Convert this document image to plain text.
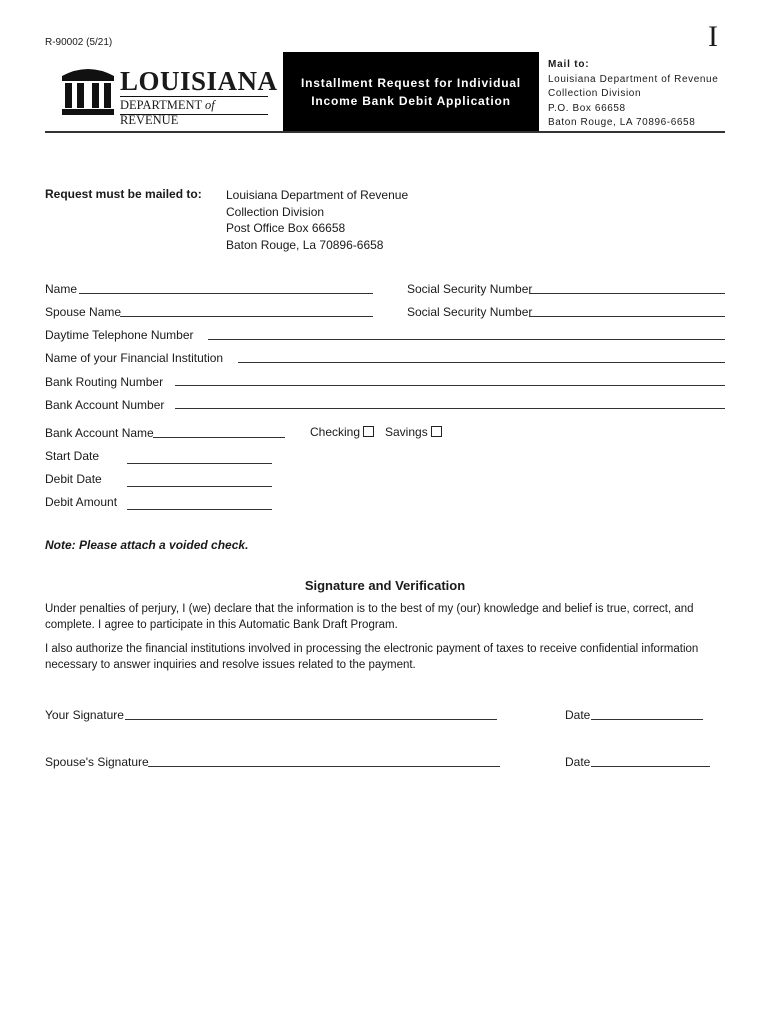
R-90002 (5/21)	I
LOUISIANA
DEPARTMENT of REVENUE
Installment Request for Individual
Income Bank Debit Application
Mail to:
Louisiana Department of Revenue
Collection Division
P.O. Box 66658
Baton Rouge, LA 70896-6658
Request must be mailed to: Louisiana Department of Revenue
Collection Division
Post Office Box 66658
Baton Rouge, La 70896-6658
Name	Social Security Number
Spouse Name	Social Security Number
Daytime Telephone Number
Name of your Financial Institution
Bank Routing Number
Bank Account Number
Bank Account Name	Checking	Savings
Start Date
Debit Date
Debit Amount
Note: Please attach a voided check.
Signature and Verification
Under penalties of perjury, I (we) declare that the information is to the best of my (our) knowledge and belief is true, correct, and complete. I agree to participate in this Automatic Bank Draft Program.
I also authorize the financial institutions involved in processing the electronic payment of taxes to receive confidential information necessary to answer inquiries and resolve issues related to the payment.
Your Signature	Date
Spouse's Signature	Date
